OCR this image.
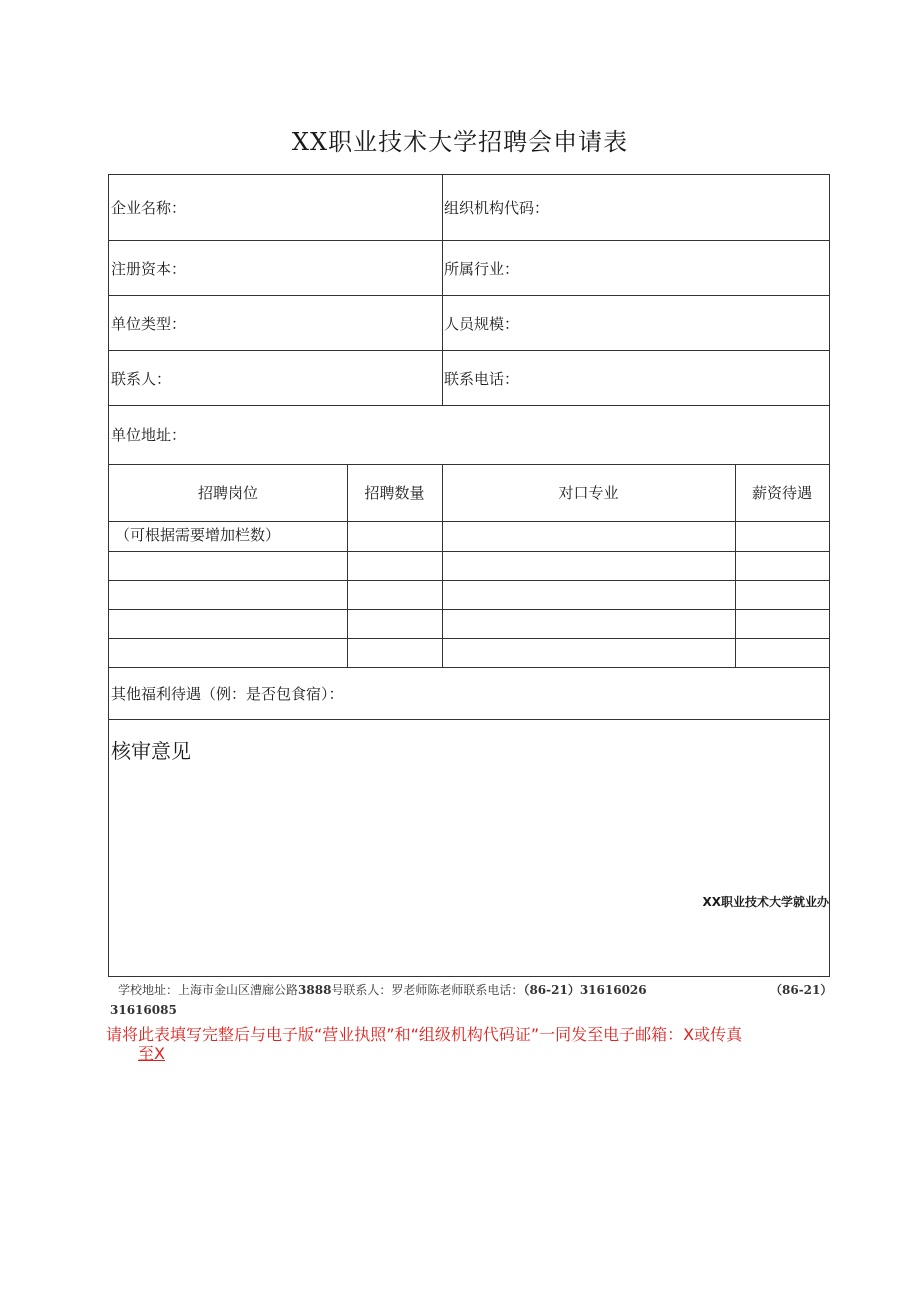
XX职业技术大学招聘会申请表
企业名称：	组织机构代码：
注册资本：	所属行业：
单位类型：	人员规模：
联系人：	联系电话：
单位地址：
招聘岗位	招聘数量	对口专业	薪资待遇
（可根据需要增加栏数）
其他福利待遇（例：是否包食宿）：
核审意见
XX职业技术大学就业办
学校地址：上海市金山区漕廊公路3888号联系人：罗老师陈老师联系电话：（86-21）31616026	（86-21）
31616085
请将此表填写完整后与电子版“营业执照”和“组级机构代码证”一同发至电子邮箱：X或传真
至X
